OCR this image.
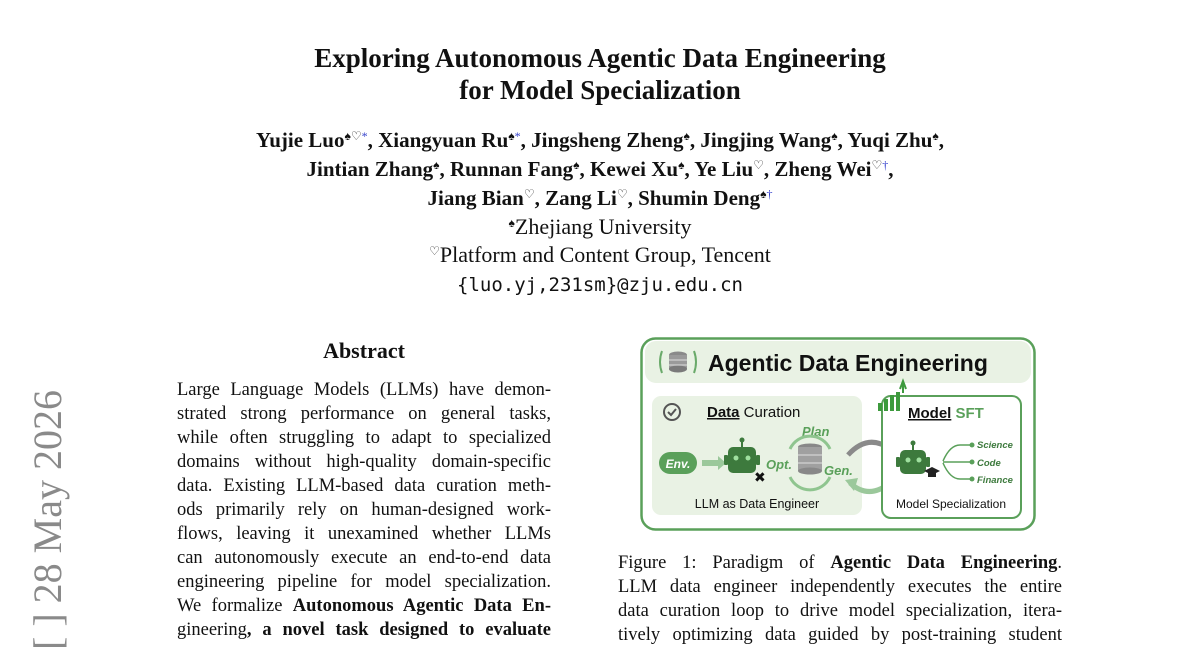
[ ] 28 May 2026
Exploring Autonomous Agentic Data Engineering
for Model Specialization
Yujie Luo♠♡*, Xiangyuan Ru♠*, Jingsheng Zheng♠, Jingjing Wang♠, Yuqi Zhu♠,
Jintian Zhang♠, Runnan Fang♠, Kewei Xu♠, Ye Liu♡, Zheng Wei♡†,
Jiang Bian♡, Zang Li♡, Shumin Deng♠†
♠Zhejiang University
♡Platform and Content Group, Tencent
{luo.yj,231sm}@zju.edu.cn
Abstract
Large Language Models (LLMs) have demon-
strated strong performance on general tasks,
while often struggling to adapt to specialized
domains without high-quality domain-specific
data. Existing LLM-based data curation meth-
ods primarily rely on human-designed work-
flows, leaving it unexamined whether LLMs
can autonomously execute an end-to-end data
engineering pipeline for model specialization.
We formalize Autonomous Agentic Data En-
gineering, a novel task designed to evaluate
Agentic Data Engineering
Data Curation
Env.
✖
Opt.
Plan
Gen.
LLM as Data Engineer
Model SFT
Science
Code
Finance
Model Specialization
Figure 1: Paradigm of Agentic Data Engineering.
LLM data engineer independently executes the entire
data curation loop to drive model specialization, itera-
tively optimizing data guided by post-training student
